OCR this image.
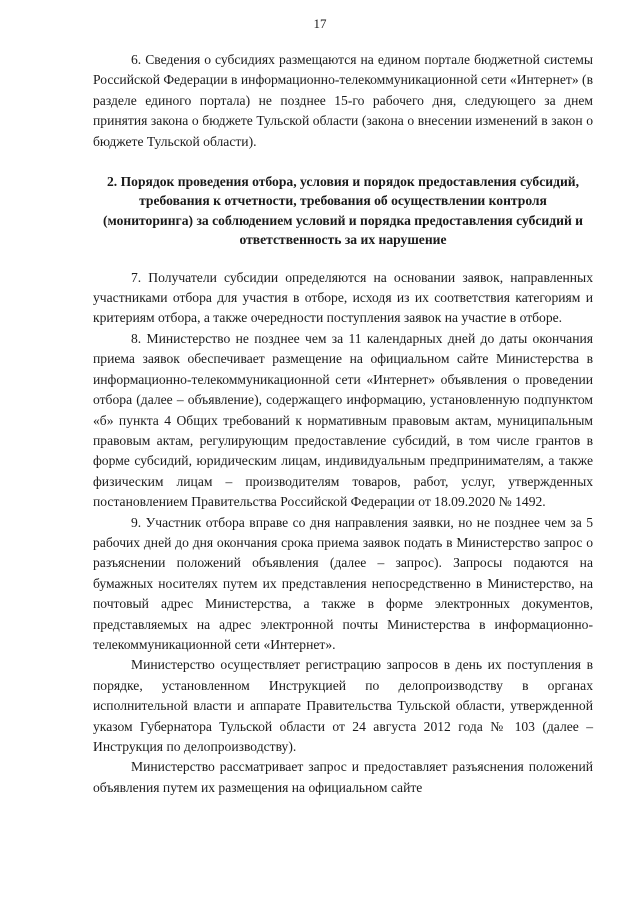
17

6. Сведения о субсидиях размещаются на едином портале бюджетной системы Российской Федерации в информационно-телекоммуникационной сети «Интернет» (в разделе единого портала) не позднее 15-го рабочего дня, следующего за днем принятия закона о бюджете Тульской области (закона о внесении изменений в закон о бюджете Тульской области).

2. Порядок проведения отбора, условия и порядок предоставления субсидий, требования к отчетности, требования об осуществлении контроля (мониторинга) за соблюдением условий и порядка предоставления субсидий и ответственность за их нарушение

7. Получатели субсидии определяются на основании заявок, направленных участниками отбора для участия в отборе, исходя из их соответствия категориям и критериям отбора, а также очередности поступления заявок на участие в отборе.

8. Министерство не позднее чем за 11 календарных дней до даты окончания приема заявок обеспечивает размещение на официальном сайте Министерства в информационно-телекоммуникационной сети «Интернет» объявления о проведении отбора (далее – объявление), содержащего информацию, установленную подпунктом «б» пункта 4 Общих требований к нормативным правовым актам, муниципальным правовым актам, регулирующим предоставление субсидий, в том числе грантов в форме субсидий, юридическим лицам, индивидуальным предпринимателям, а также физическим лицам – производителям товаров, работ, услуг, утвержденных постановлением Правительства Российской Федерации от 18.09.2020 № 1492.

9. Участник отбора вправе со дня направления заявки, но не позднее чем за 5 рабочих дней до дня окончания срока приема заявок подать в Министерство запрос о разъяснении положений объявления (далее – запрос). Запросы подаются на бумажных носителях путем их представления непосредственно в Министерство, на почтовый адрес Министерства, а также в форме электронных документов, представляемых на адрес электронной почты Министерства в информационно-телекоммуникационной сети «Интернет».

Министерство осуществляет регистрацию запросов в день их поступления в порядке, установленном Инструкцией по делопроизводству в органах исполнительной власти и аппарате Правительства Тульской области, утвержденной указом Губернатора Тульской области от 24 августа 2012 года № 103 (далее – Инструкция по делопроизводству).

Министерство рассматривает запрос и предоставляет разъяснения положений объявления путем их размещения на официальном сайте
